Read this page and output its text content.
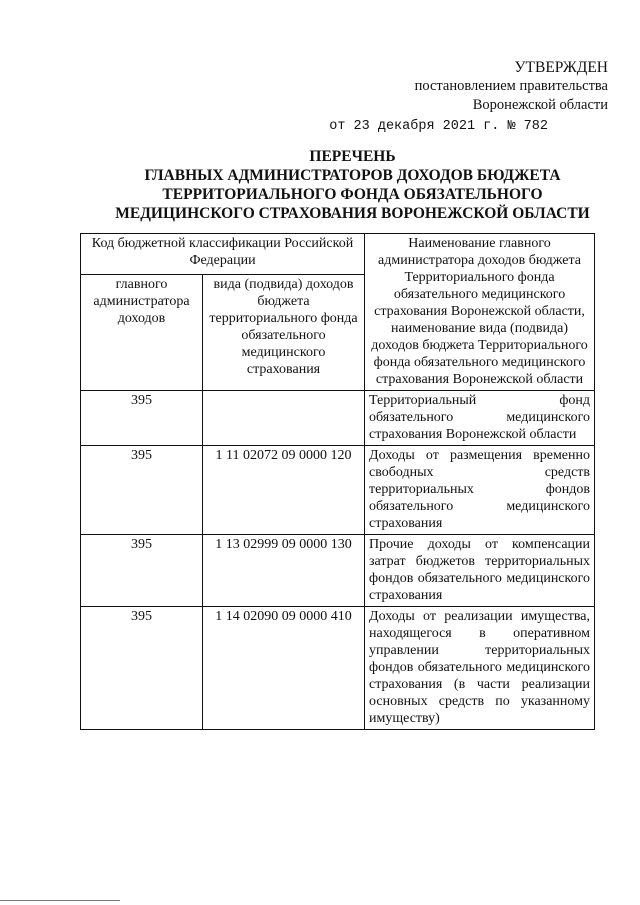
УТВЕРЖДЕН
постановлением правительства
Воронежской области
от 23 декабря 2021 г. № 782
ПЕРЕЧЕНЬ
ГЛАВНЫХ АДМИНИСТРАТОРОВ ДОХОДОВ БЮДЖЕТА
ТЕРРИТОРИАЛЬНОГО ФОНДА ОБЯЗАТЕЛЬНОГО
МЕДИЦИНСКОГО СТРАХОВАНИЯ ВОРОНЕЖСКОЙ ОБЛАСТИ
Код бюджетной классификации Российской Федерации		Наименование главного администратора доходов бюджета Территориального фонда обязательного медицинского страхования Воронежской области, наименование вида (подвида) доходов бюджета Территориального фонда обязательного медицинского страхования Воронежской области
главного администратора доходов	вида (подвида) доходов бюджета территориального фонда обязательного медицинского страхования	
395		Территориальный фонд обязательного медицинского страхования Воронежской области
395	1 11 02072 09 0000 120	Доходы от размещения временно свободных средств территориальных фондов обязательного медицинского страхования
395	1 13 02999 09 0000 130	Прочие доходы от компенсации затрат бюджетов территориальных фондов обязательного медицинского страхования
395	1 14 02090 09 0000 410	Доходы от реализации имущества, находящегося в оперативном управлении территориальных фондов обязательного медицинского страхования (в части реализации основных средств по указанному имуществу)
